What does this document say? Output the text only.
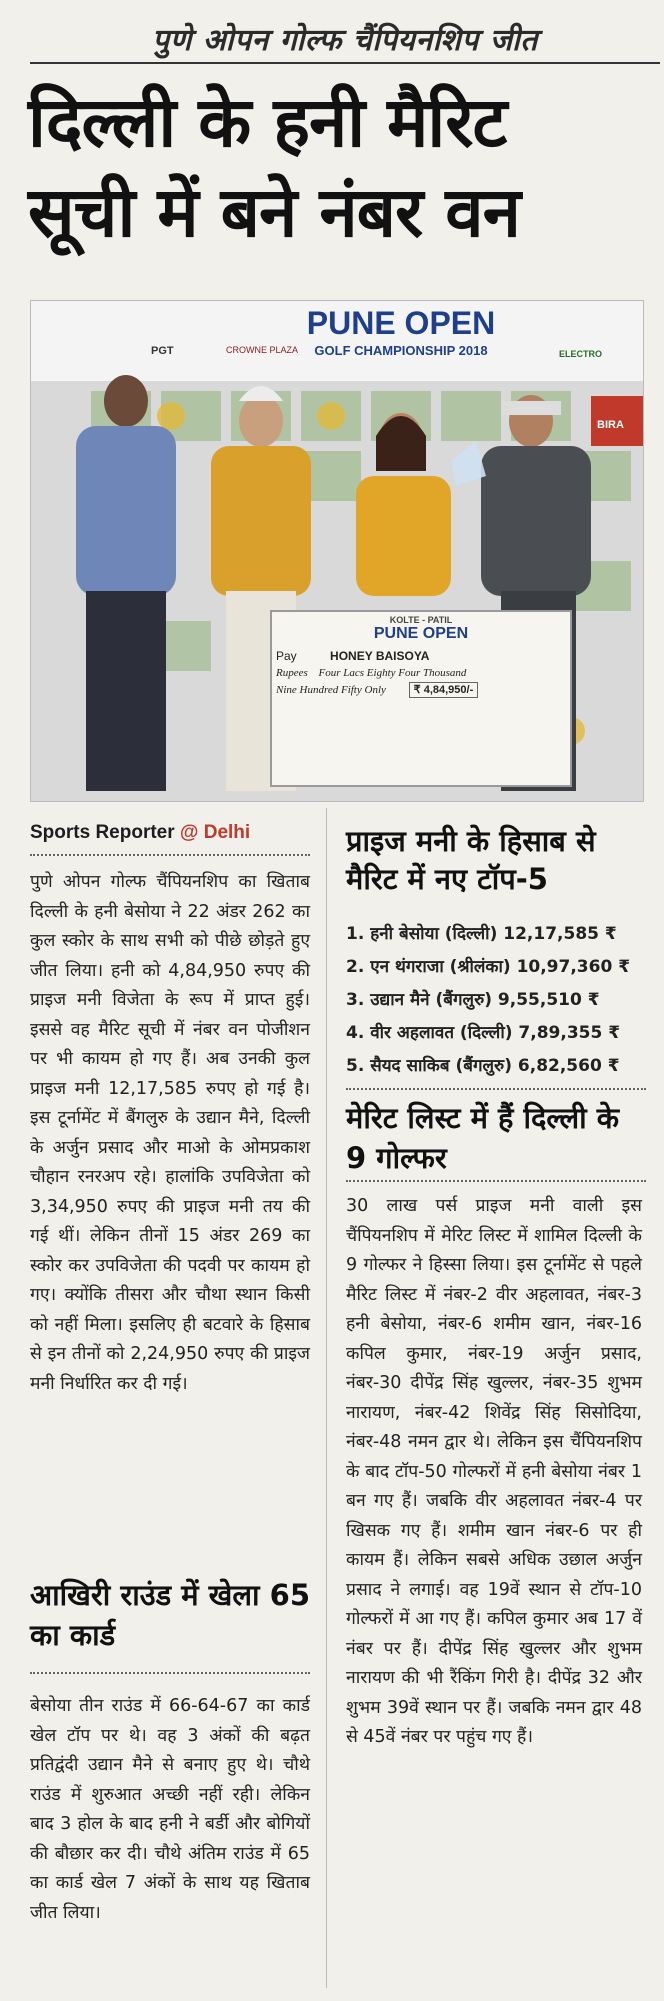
पुणे ओपन गोल्फ चैंपियनशिप जीत
दिल्ली के हनी मैरिट
सूची में बने नंबर वन
PUNE OPEN
GOLF CHAMPIONSHIP 2018
PGT	CROWNE PLAZA	ELECTRO
BIRA
KOLTE - PATIL
PUNE OPEN
Pay	HONEY BAISOYA
Rupees Four Lacs Eighty Four Thousand
Nine Hundred Fifty Only	₹ 4,84,950/-
Sports Reporter @ Delhi
पुणे ओपन गोल्फ चैंपियनशिप का खिताब दिल्ली के हनी बेसोया ने 22 अंडर 262 का कुल स्कोर के साथ सभी को पीछे छोड़ते हुए जीत लिया। हनी को 4,84,950 रुपए की प्राइज मनी विजेता के रूप में प्राप्त हुई। इससे वह मैरिट सूची में नंबर वन पोजीशन पर भी कायम हो गए हैं। अब उनकी कुल प्राइज मनी 12,17,585 रुपए हो गई है। इस टूर्नामेंट में बैंगलुरु के उद्यान मैने, दिल्ली के अर्जुन प्रसाद और माओ के ओमप्रकाश चौहान रनरअप रहे। हालांकि उपविजेता को 3,34,950 रुपए की प्राइज मनी तय की गई थीं। लेकिन तीनों 15 अंडर 269 का स्कोर कर उपविजेता की पदवी पर कायम हो गए। क्योंकि तीसरा और चौथा स्थान किसी को नहीं मिला। इसलिए ही बटवारे के हिसाब से इन तीनों को 2,24,950 रुपए की प्राइज मनी निर्धारित कर दी गई।
आखिरी राउंड में खेला 65 का कार्ड
बेसोया तीन राउंड में 66-64-67 का कार्ड खेल टॉप पर थे। वह 3 अंकों की बढ़त प्रतिद्वंदी उद्यान मैने से बनाए हुए थे। चौथे राउंड में शुरुआत अच्छी नहीं रही। लेकिन बाद 3 होल के बाद हनी ने बर्डी और बोगियों की बौछार कर दी। चौथे अंतिम राउंड में 65 का कार्ड खेल 7 अंकों के साथ यह खिताब जीत लिया।
प्राइज मनी के हिसाब से मैरिट में नए टॉप-5
1. हनी बेसोया (दिल्ली) 12,17,585 ₹
2. एन थंगराजा (श्रीलंका) 10,97,360 ₹
3. उद्यान मैने (बैंगलुरु) 9,55,510 ₹
4. वीर अहलावत (दिल्ली) 7,89,355 ₹
5. सैयद साकिब (बैंगलुरु) 6,82,560 ₹
मेरिट लिस्ट में हैं दिल्ली के 9 गोल्फर
30 लाख पर्स प्राइज मनी वाली इस चैंपियनशिप में मेरिट लिस्ट में शामिल दिल्ली के 9 गोल्फर ने हिस्सा लिया। इस टूर्नामेंट से पहले मैरिट लिस्ट में नंबर-2 वीर अहलावत, नंबर-3 हनी बेसोया, नंबर-6 शमीम खान, नंबर-16 कपिल कुमार, नंबर-19 अर्जुन प्रसाद, नंबर-30 दीपेंद्र सिंह खुल्लर, नंबर-35 शुभम नारायण, नंबर-42 शिवेंद्र सिंह सिसोदिया, नंबर-48 नमन द्वार थे। लेकिन इस चैंपियनशिप के बाद टॉप-50 गोल्फरों में हनी बेसोया नंबर 1 बन गए हैं। जबकि वीर अहलावत नंबर-4 पर खिसक गए हैं। शमीम खान नंबर-6 पर ही कायम हैं। लेकिन सबसे अधिक उछाल अर्जुन प्रसाद ने लगाई। वह 19वें स्थान से टॉप-10 गोल्फरों में आ गए हैं। कपिल कुमार अब 17 वें नंबर पर हैं। दीपेंद्र सिंह खुल्लर और शुभम नारायण की भी रैंकिंग गिरी है। दीपेंद्र 32 और शुभम 39वें स्थान पर हैं। जबकि नमन द्वार 48 से 45वें नंबर पर पहुंच गए हैं।
